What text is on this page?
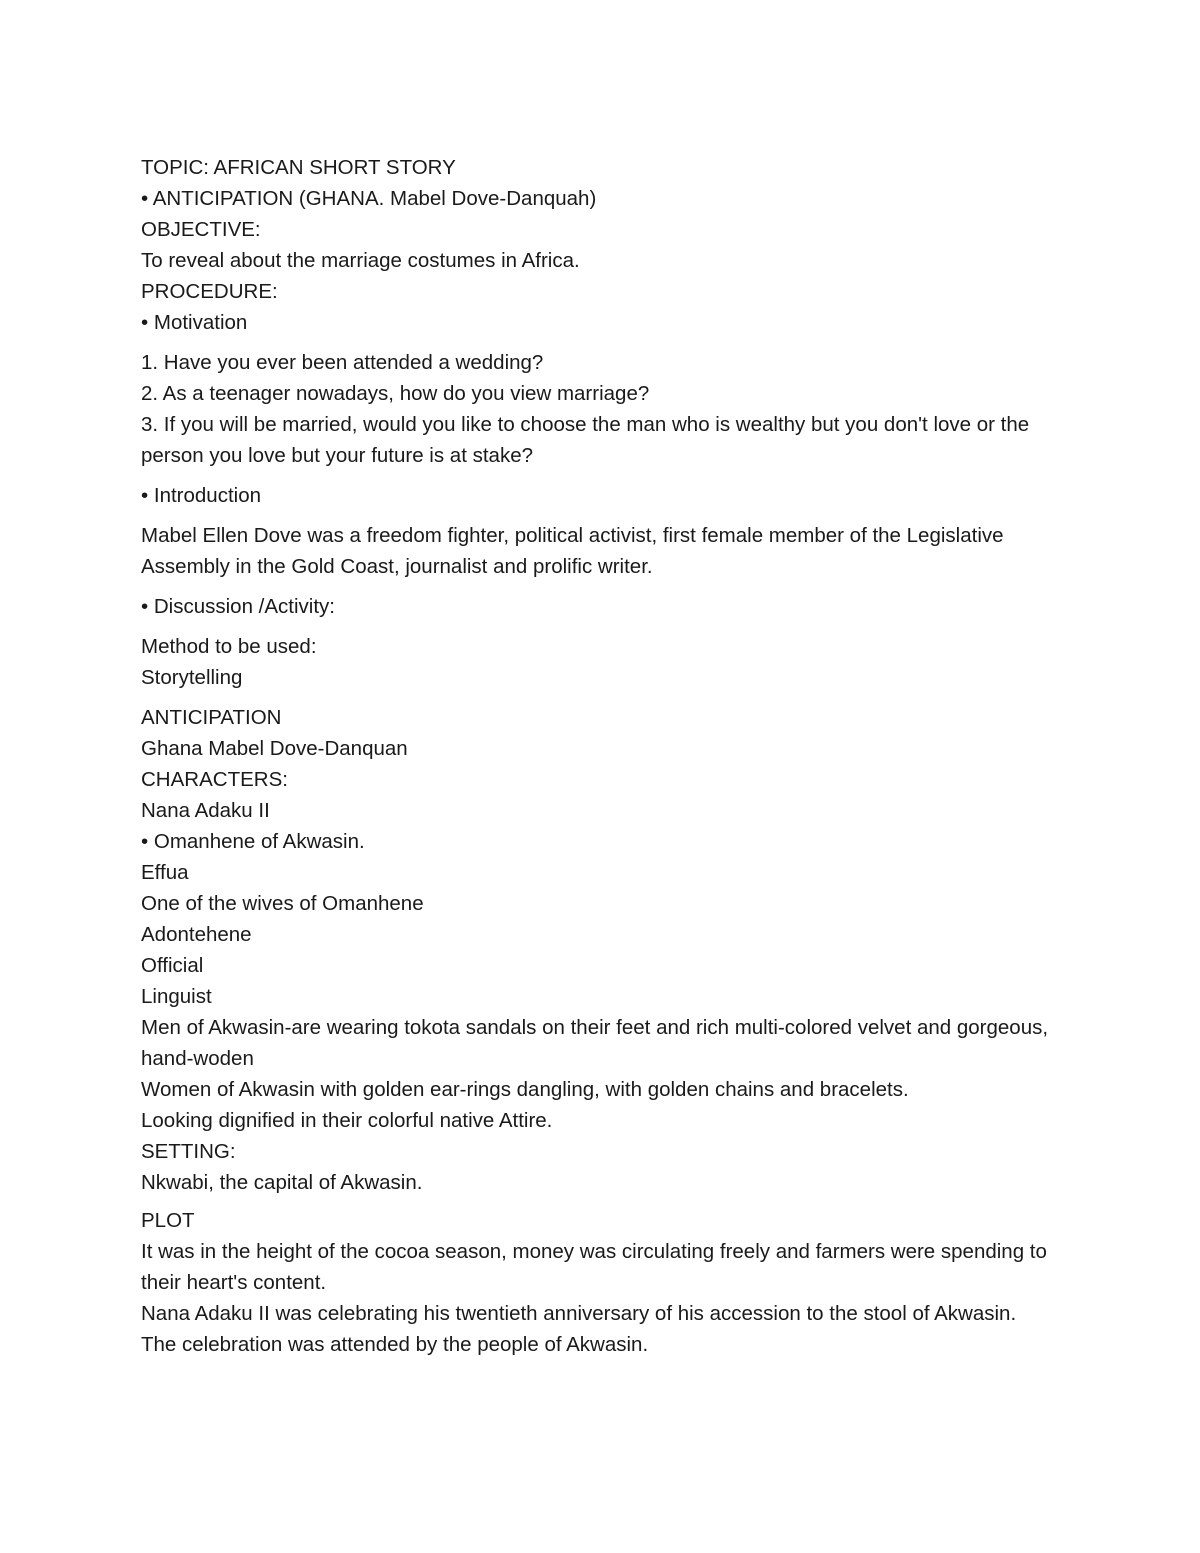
TOPIC: AFRICAN SHORT STORY

• ANTICIPATION (GHANA. Mabel Dove-Danquah)

OBJECTIVE:

To reveal about the marriage costumes in Africa.

PROCEDURE:

• Motivation

1. Have you ever been attended a wedding?

2. As a teenager nowadays, how do you view marriage?

3. If you will be married, would you like to choose the man who is wealthy but you don't love or the person you love but your future is at stake?

• Introduction

Mabel Ellen Dove was a freedom fighter, political activist, first female member of the Legislative Assembly in the Gold Coast, journalist and prolific writer.

• Discussion /Activity:

Method to be used:

Storytelling

ANTICIPATION

Ghana Mabel Dove-Danquan

CHARACTERS:

Nana Adaku II

• Omanhene of Akwasin.

Effua

One of the wives of Omanhene

Adontehene

Official

Linguist

Men of Akwasin-are wearing tokota sandals on their feet and rich multi-colored velvet and gorgeous, hand-woden

Women of Akwasin with golden ear-rings dangling, with golden chains and bracelets.

Looking dignified in their colorful native Attire.

SETTING:

Nkwabi, the capital of Akwasin.

PLOT

It was in the height of the cocoa season, money was circulating freely and farmers were spending to their heart's content.

Nana Adaku II was celebrating his twentieth anniversary of his accession to the stool of Akwasin.

The celebration was attended by the people of Akwasin.
